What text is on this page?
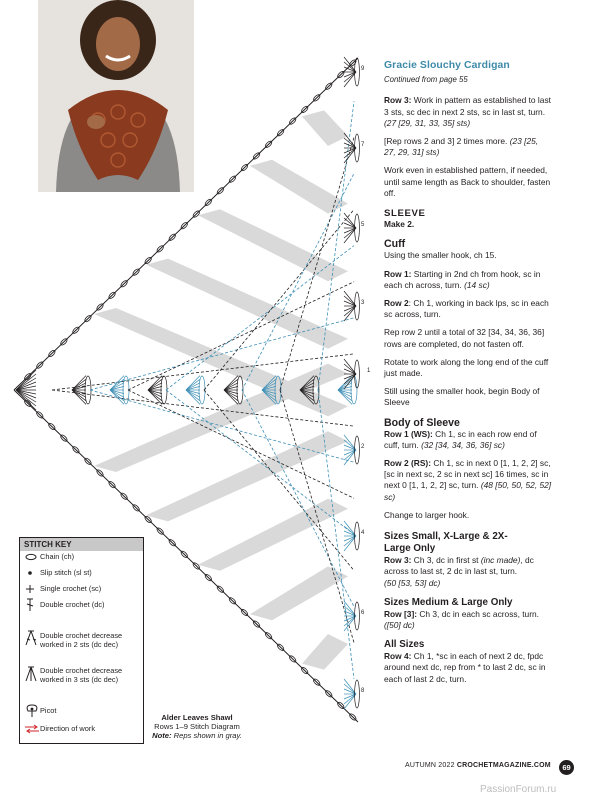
9
7
5
3
1
2
4
6
8
STITCH KEY
Chain (ch)
Slip stitch (sl st)
Single crochet (sc)
Double crochet (dc)
Double crochet decrease worked in 2 sts (dc dec)
Double crochet decrease worked in 3 sts (dc dec)
Picot
Direction of work
Alder Leaves Shawl
Rows 1–9 Stitch Diagram
Note: Reps shown in gray.
Gracie Slouchy Cardigan
Continued from page 55

Row 3: Work in pattern as established to last 3 sts, sc dec in next 2 sts, sc in last st, turn. (27 [29, 31, 33, 35] sts)

[Rep rows 2 and 3] 2 times more. (23 [25, 27, 29, 31] sts)

Work even in established pattern, if needed, until same length as Back to shoulder, fasten off.

SLEEVE
Make 2.
Cuff

Using the smaller hook, ch 15.

Row 1: Starting in 2nd ch from hook, sc in each ch across, turn. (14 sc)

Row 2: Ch 1, working in back lps, sc in each sc across, turn.

Rep row 2 until a total of 32 [34, 34, 36, 36] rows are completed, do not fasten off.

Rotate to work along the long end of the cuff just made.

Still using the smaller hook, begin Body of Sleeve

Body of Sleeve

Row 1 (WS): Ch 1, sc in each row end of cuff, turn. (32 [34, 34, 36, 36] sc)

Row 2 (RS): Ch 1, sc in next 0 [1, 1, 2, 2] sc, [sc in next sc, 2 sc in next sc] 16 times, sc in next 0 [1, 1, 2, 2] sc, turn. (48 [50, 50, 52, 52] sc)

Change to larger hook.

Sizes Small, X-Large & 2X-Large Only

Row 3: Ch 3, dc in first st (inc made), dc across to last st, 2 dc in last st, turn.
(50 [53, 53] dc)

Sizes Medium & Large Only

Row [3]: Ch 3, dc in each sc across, turn.
([50] dc)

All Sizes

Row 4: Ch 1, *sc in each of next 2 dc, fpdc around next dc, rep from * to last 2 dc, sc in each of last 2 dc, turn.

AUTUMN 2022 CROCHETMAGAZINE.COM	69
PassionForum.ru
